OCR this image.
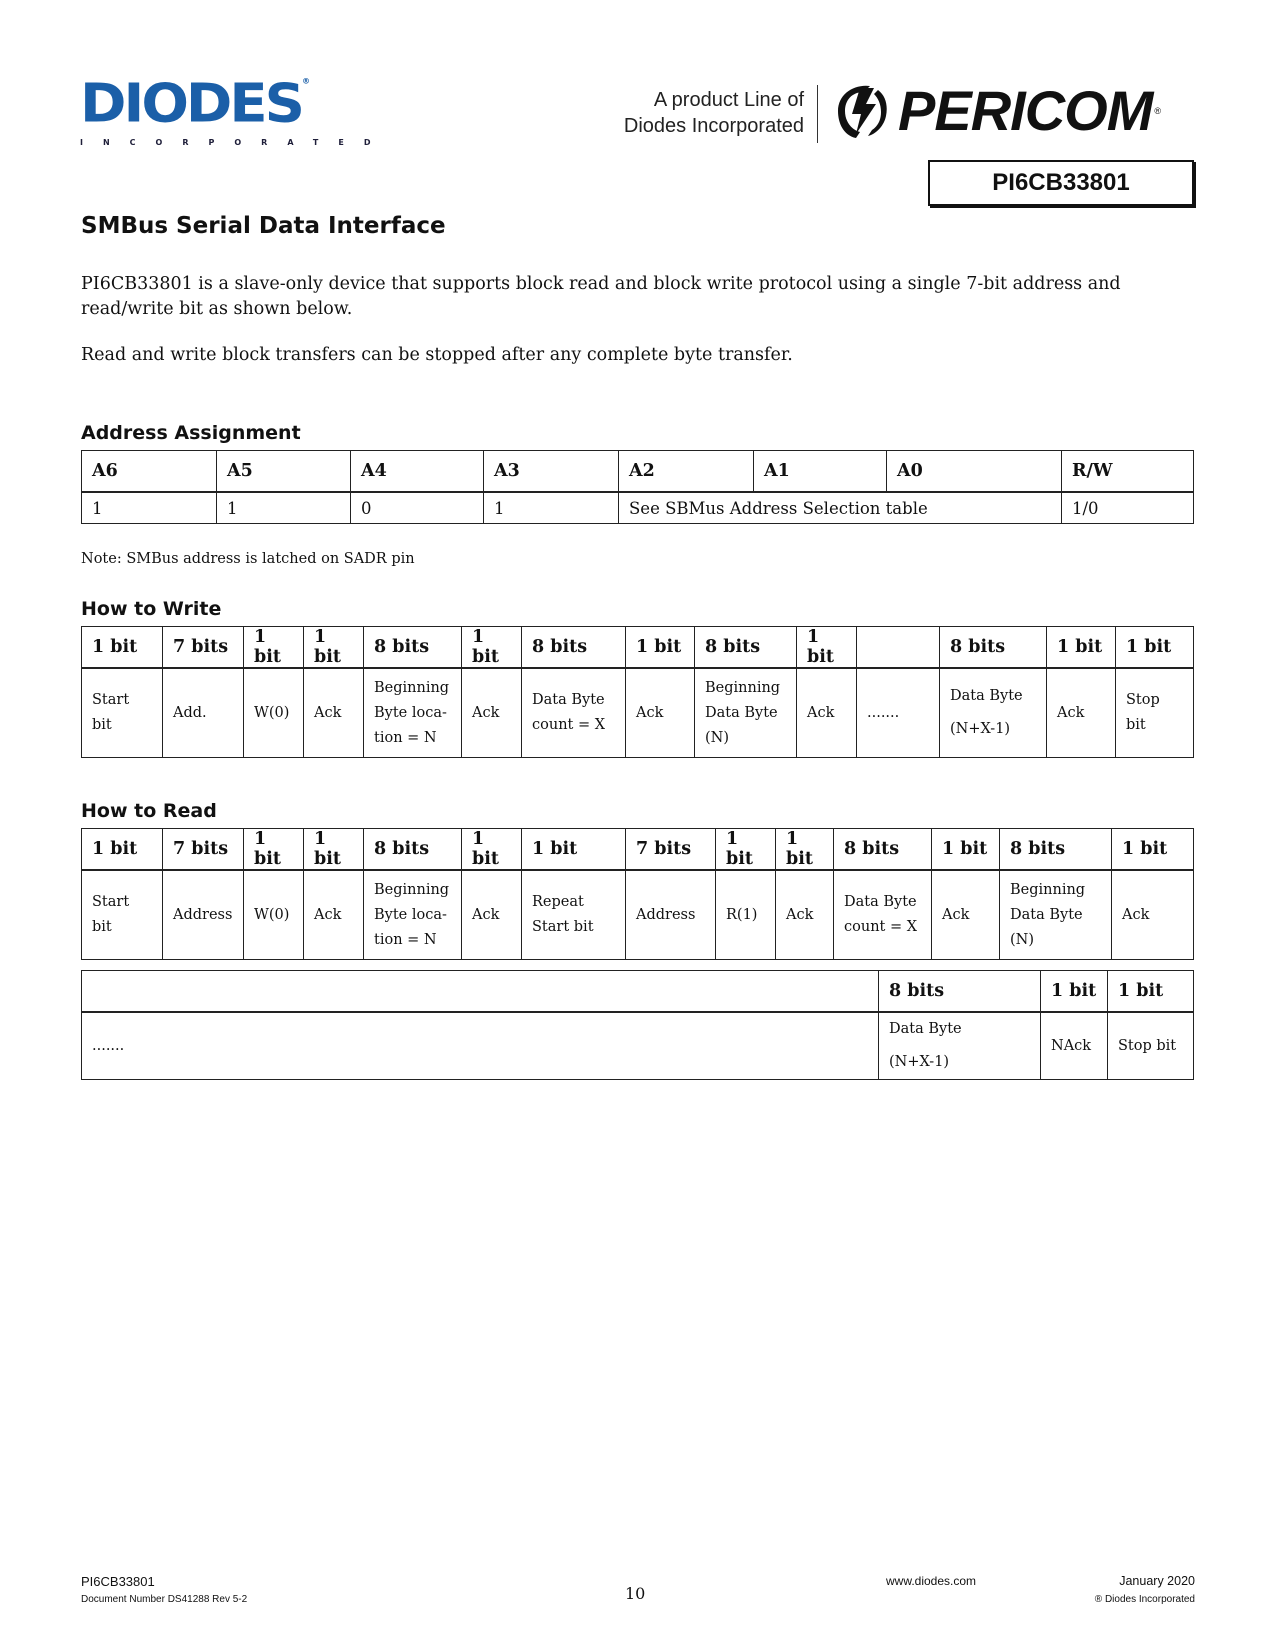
DIODES®
INCORPORATED
A product Line of
Diodes Incorporated PERICOM ®
PI6CB33801
SMBus Serial Data Interface
PI6CB33801 is a slave-only device that supports block read and block write protocol using a single 7-bit address and read/write bit as shown below.
Read and write block transfers can be stopped after any complete byte transfer.
Address Assignment
A6	A5	A4	A3	A2	A1	A0	R/W
1	1	0	1	See SBMus Address Selection table			1/0
Note: SMBus address is latched on SADR pin
How to Write
1 bit	7 bits	1 bit	1 bit	8 bits	1 bit	8 bits	1 bit	8 bits	1 bit		8 bits	1 bit	1 bit
Start bit	Add.	W(0)	Ack	Beginning
Byte loca-
tion = N	Ack	Data Byte
count = X	Ack	Beginning
Data Byte
(N)	Ack	.......	Data Byte
(N+X-1)	Ack	Stop bit
How to Read
1 bit	7 bits	1 bit	1 bit	8 bits	1 bit	1 bit	7 bits	1 bit	1 bit	8 bits	1 bit	8 bits	1 bit
Start bit	Address	W(0)	Ack	Beginning
Byte loca-
tion = N	Ack	Repeat
Start bit	Address	R(1)	Ack	Data Byte
count = X	Ack	Beginning
Data Byte
(N)	Ack
	8 bits	1 bit	1 bit
.......	Data Byte
(N+X-1)	NAck	Stop bit
PI6CB33801
Document Number DS41288 Rev 5-2	10
www.diodes.com	January 2020
® Diodes Incorporated
